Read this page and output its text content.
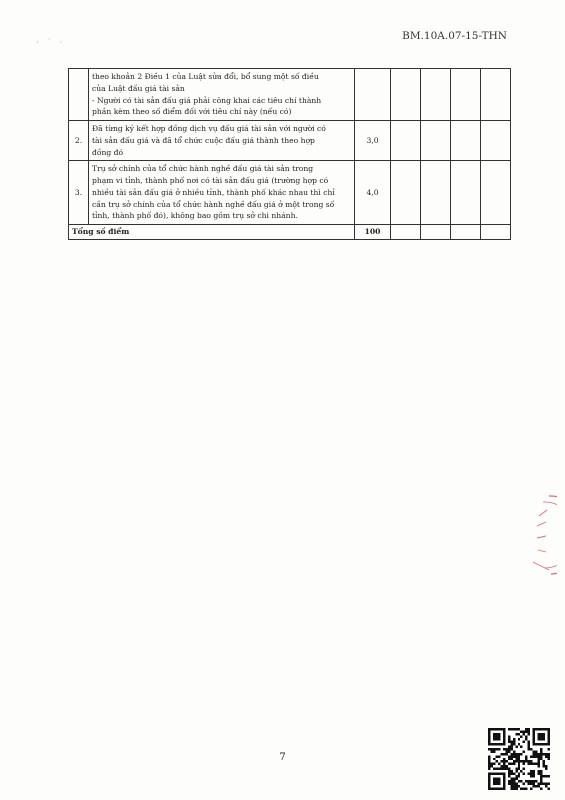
· ˙ ·
BM.10A.07-15-THN

	theo khoản 2 Điều 1 của Luật sửa đổi, bổ sung một số điều
của Luật đấu giá tài sản
- Người có tài sản đấu giá phải công khai các tiêu chí thành
phần kèm theo số điểm đối với tiêu chí này (nếu có)					

2.	Đã từng ký kết hợp đồng dịch vụ đấu giá tài sản với người có
tài sản đấu giá và đã tổ chức cuộc đấu giá thành theo hợp
đồng đó	3,0				
3.	Trụ sở chính của tổ chức hành nghề đấu giá tài sản trong
phạm vi tỉnh, thành phố nơi có tài sản đấu giá (trường hợp có
nhiều tài sản đấu giá ở nhiều tỉnh, thành phố khác nhau thì chỉ
cần trụ sở chính của tổ chức hành nghề đấu giá ở một trong số
tỉnh, thành phố đó), không bao gồm trụ sở chi nhánh.	4,0				
Tổng số điểm		100				
7
